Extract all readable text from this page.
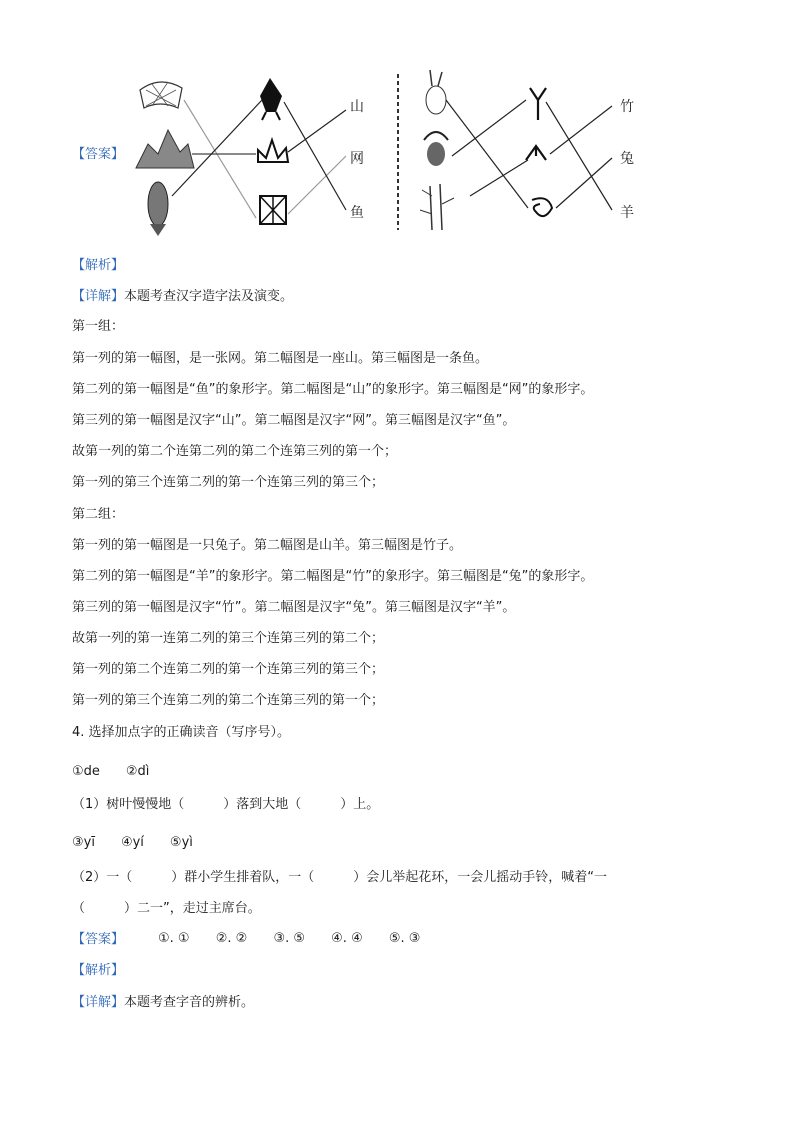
山
网
鱼
竹
兔
羊
【答案】
【解析】
【详解】本题考查汉字造字法及演变。
第一组：
第一列的第一幅图，是一张网。第二幅图是一座山。第三幅图是一条鱼。
第二列的第一幅图是“鱼”的象形字。第二幅图是“山”的象形字。第三幅图是“网”的象形字。
第三列的第一幅图是汉字“山”。第二幅图是汉字“网”。第三幅图是汉字“鱼”。
故第一列的第二个连第二列的第二个连第三列的第一个；
第一列的第三个连第二列的第一个连第三列的第三个；
第二组：
第一列的第一幅图是一只兔子。第二幅图是山羊。第三幅图是竹子。
第二列的第一幅图是“羊”的象形字。第二幅图是“竹”的象形字。第三幅图是“兔”的象形字。
第三列的第一幅图是汉字“竹”。第二幅图是汉字“兔”。第三幅图是汉字“羊”。
故第一列的第一连第二列的第三个连第三列的第二个；
第一列的第二个连第二列的第一个连第三列的第三个；
第一列的第三个连第二列的第二个连第三列的第一个；
4. 选择加点字的正确读音（写序号）。
①de　　②dì
（1）树叶慢慢地（　　　）落到大地（　　　）上。
③yī　　④yí　　⑤yì
（2）一（　　　）群小学生排着队，一（　　　）会儿举起花环，一会儿摇动手铃，喊着“一
（　　　）二一”，走过主席台。
【答案】	①. ① ②. ② ③. ⑤ ④. ④ ⑤. ③
【解析】
【详解】本题考查字音的辨析。
